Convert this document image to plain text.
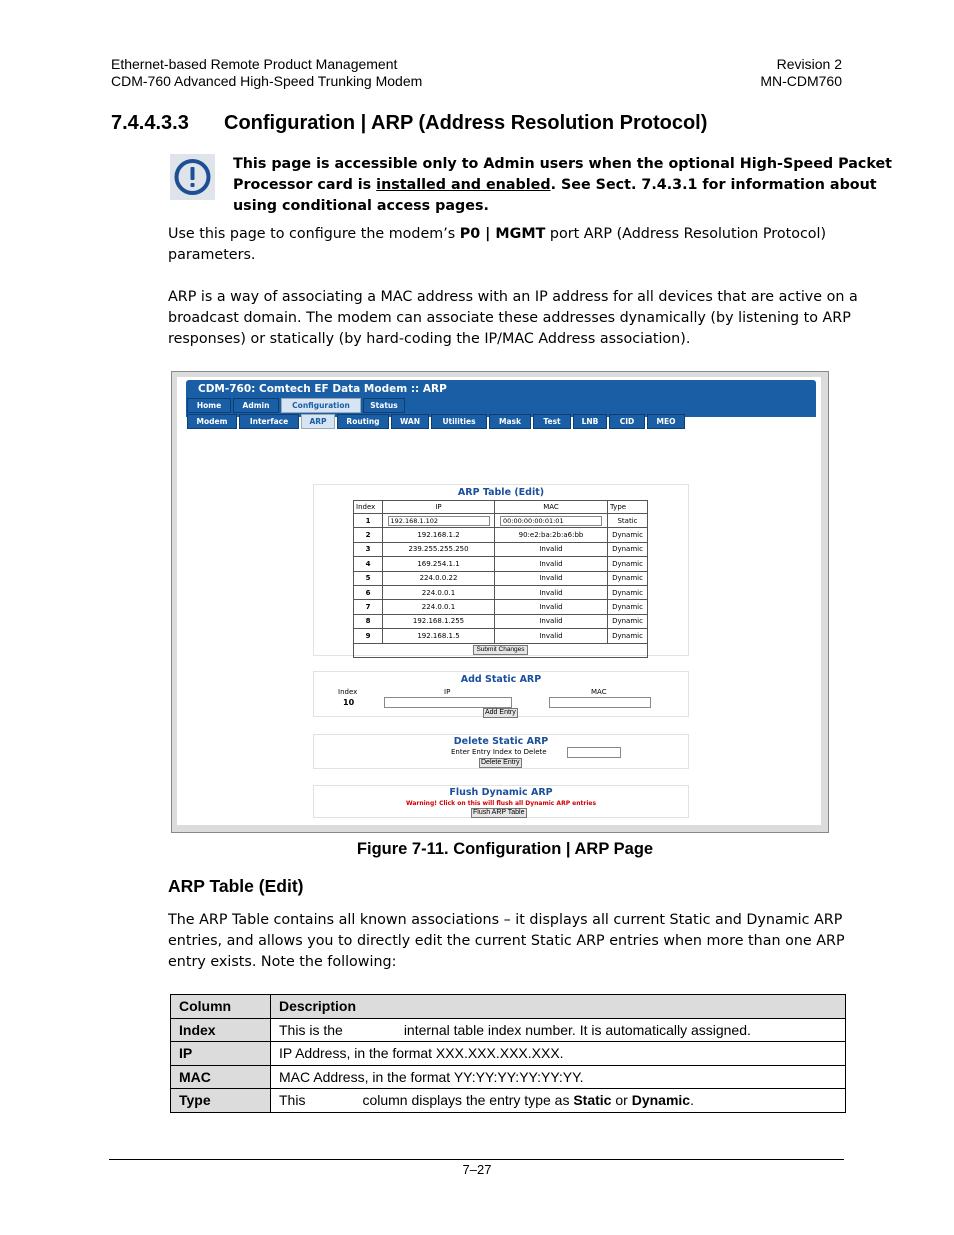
Ethernet-based Remote Product Management
CDM-760 Advanced High-Speed Trunking Modem
Revision 2
MN-CDM760
7.4.4.3.3 Configuration | ARP (Address Resolution Protocol)
This page is accessible only to Admin users when the optional High-Speed Packet
Processor card is installed and enabled. See Sect. 7.4.3.1 for information about
using conditional access pages.
Use this page to configure the modem’s P0 | MGMT port ARP (Address Resolution Protocol)
parameters.
ARP is a way of associating a MAC address with an IP address for all devices that are active on a
broadcast domain. The modem can associate these addresses dynamically (by listening to ARP
responses) or statically (by hard-coding the IP/MAC Address association).
CDM-760: Comtech EF Data Modem :: ARP
Home	Admin	Configuration	Status
Modem	Interface	ARP	Routing	WAN	Utilities	Mask	Test	LNB	CID	MEO
ARP Table (Edit)
Index	IP	MAC	Type
1	192.168.1.102	00:00:00:00:01:01	Static
2	192.168.1.2	90:e2:ba:2b:a6:bb	Dynamic
3	239.255.255.250	Invalid	Dynamic
4	169.254.1.1	Invalid	Dynamic
5	224.0.0.22	Invalid	Dynamic
6	224.0.0.1	Invalid	Dynamic
7	224.0.0.1	Invalid	Dynamic
8	192.168.1.255	Invalid	Dynamic
9	192.168.1.5	Invalid	Dynamic
Submit Changes			
Add Static ARP
Index
10
IP	MAC
Add Entry
Delete Static ARP
Enter Entry Index to Delete
Delete Entry
Flush Dynamic ARP
Warning! Click on this will flush all Dynamic ARP entries
Flush ARP Table
Figure 7-11. Configuration | ARP Page
ARP Table (Edit)
The ARP Table contains all known associations – it displays all current Static and Dynamic ARP
entries, and allows you to directly edit the current Static ARP entries when more than one ARP
entry exists. Note the following:
Column	Description
Index	This is the internal table index number. It is automatically assigned.
IP	IP Address, in the format XXX.XXX.XXX.XXX.
MAC	MAC Address, in the format YY:YY:YY:YY:YY:YY.
Type	This column displays the entry type as Static or Dynamic.
7–27
